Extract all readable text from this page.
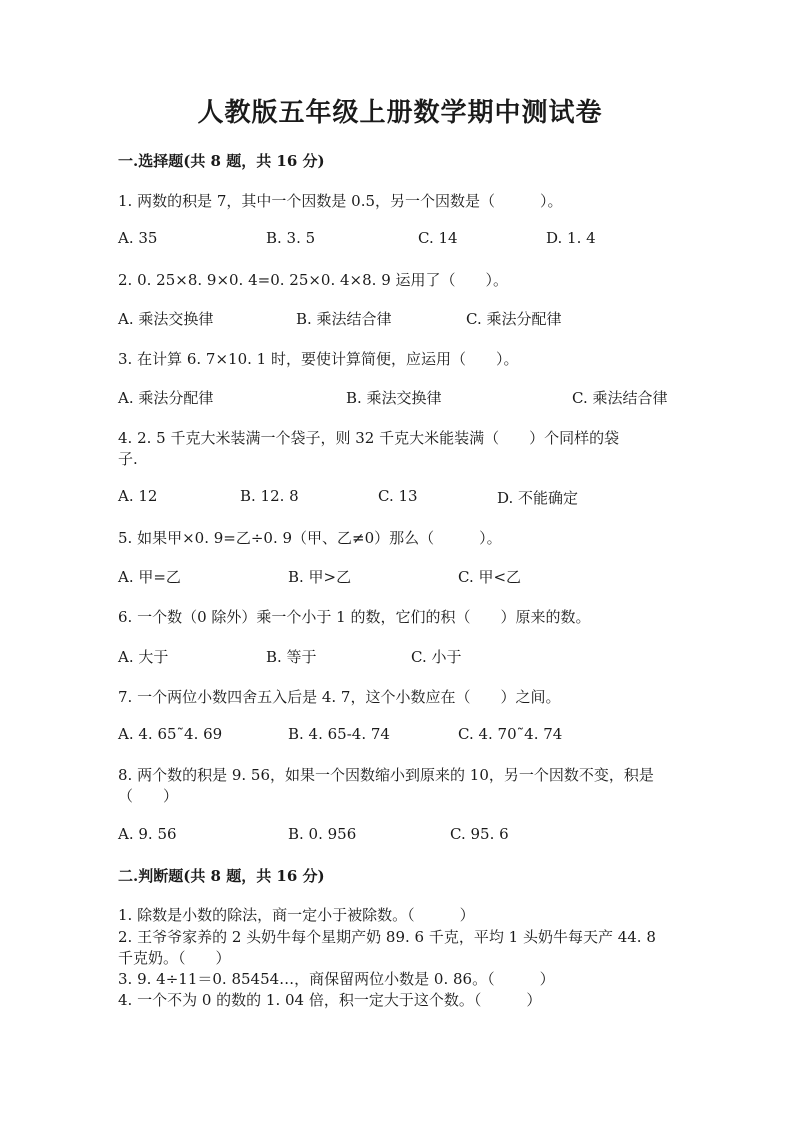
人教版五年级上册数学期中测试卷
一.选择题(共 8 题，共 16 分)
1. 两数的积是 7，其中一个因数是 0.5，另一个因数是（　　　）。
A. 35	B. 3. 5	C. 14	D. 1. 4
2. 0. 25×8. 9×0. 4=0. 25×0. 4×8. 9 运用了（　　）。
A. 乘法交换律	B. 乘法结合律	C. 乘法分配律
3. 在计算 6. 7×10. 1 时，要使计算简便，应运用（　　）。
A. 乘法分配律	B. 乘法交换律	C. 乘法结合律
4. 2. 5 千克大米装满一个袋子，则 32 千克大米能装满（　　）个同样的袋
子.
A. 12	B. 12. 8	C. 13	D. 不能确定
5. 如果甲×0. 9=乙÷0. 9（甲、乙≠0）那么（　　　）。
A. 甲=乙	B. 甲>乙	C. 甲<乙
6. 一个数（0 除外）乘一个小于 1 的数，它们的积（　　）原来的数。
A. 大于	B. 等于	C. 小于
7. 一个两位小数四舍五入后是 4. 7，这个小数应在（　　）之间。
A. 4. 65˜4. 69	B. 4. 65-4. 74	C. 4. 70˜4. 74
8. 两个数的积是 9. 56，如果一个因数缩小到原来的 10，另一个因数不变，积是
（　　）
A. 9. 56	B. 0. 956	C. 95. 6
二.判断题(共 8 题，共 16 分)
1. 除数是小数的除法，商一定小于被除数。（　　　）
2. 王爷爷家养的 2 头奶牛每个星期产奶 89. 6 千克，平均 1 头奶牛每天产 44. 8
千克奶。（　　）
3. 9. 4÷11＝0. 85454…，商保留两位小数是 0. 86。（　　　）
4. 一个不为 0 的数的 1. 04 倍，积一定大于这个数。（　　　）
